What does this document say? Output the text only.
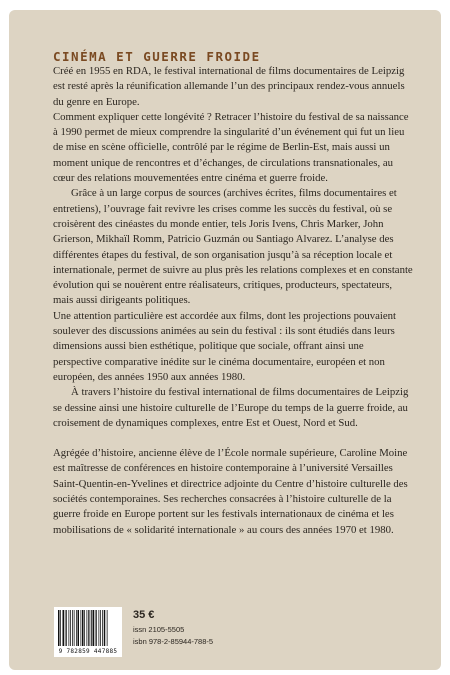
CINÉMA ET GUERRE FROIDE

Créé en 1955 en RDA, le festival international de films documentaires de Leipzig est resté après la réunification allemande l’un des principaux rendez-vous annuels du genre en Europe.

Comment expliquer cette longévité ? Retracer l’histoire du festival de sa naissance à 1990 permet de mieux comprendre la singularité d’un événement qui fut un lieu de mise en scène officielle, contrôlé par le régime de Berlin-Est, mais aussi un moment unique de rencontres et d’échanges, de circulations transnationales, au cœur des relations mouvementées entre cinéma et guerre froide.

Grâce à un large corpus de sources (archives écrites, films documentaires et entretiens), l’ouvrage fait revivre les crises comme les succès du festival, où se croisèrent des cinéastes du monde entier, tels Joris Ivens, Chris Marker, John Grierson, Mikhaïl Romm, Patricio Guzmán ou Santiago Alvarez. L’analyse des différentes étapes du festival, de son organisation jusqu’à sa réception locale et internationale, permet de suivre au plus près les relations complexes et en constante évolution qui se nouèrent entre réalisateurs, critiques, producteurs, spectateurs, mais aussi dirigeants politiques.

Une attention particulière est accordée aux films, dont les projections pouvaient soulever des discussions animées au sein du festival : ils sont étudiés dans leurs dimensions aussi bien esthétique, politique que sociale, offrant ainsi une perspective comparative inédite sur le cinéma documentaire, européen et non européen, des années 1950 aux années 1980.

À travers l’histoire du festival international de films documentaires de Leipzig se dessine ainsi une histoire culturelle de l’Europe du temps de la guerre froide, au croisement de dynamiques complexes, entre Est et Ouest, Nord et Sud.

Agrégée d’histoire, ancienne élève de l’École normale supérieure, Caroline Moine est maîtresse de conférences en histoire contemporaine à l’université Versailles Saint-Quentin-en-Yvelines et directrice adjointe du Centre d’histoire culturelle des sociétés contemporaines. Ses recherches consacrées à l’histoire culturelle de la guerre froide en Europe portent sur les festivals internationaux de cinéma et les mobilisations de « solidarité internationale » au cours des années 1970 et 1980.

9 782859 447885
35 €
issn 2105-5505
isbn 978-2-85944-788-5
